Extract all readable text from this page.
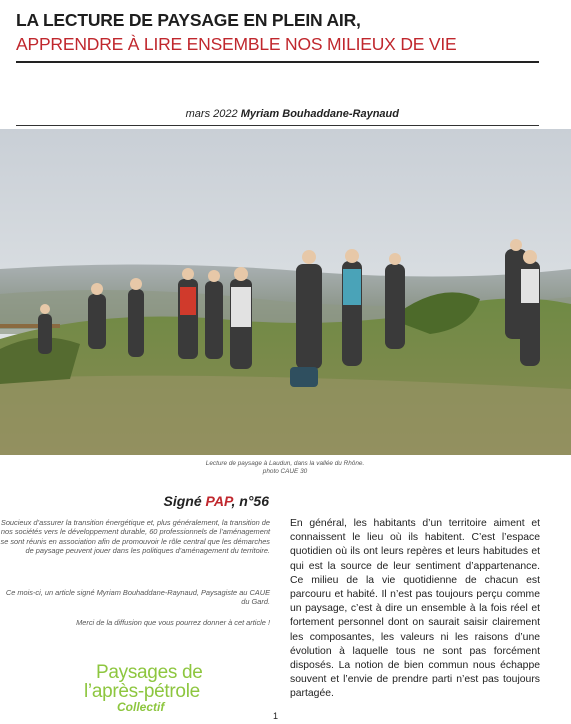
LA LECTURE DE PAYSAGE EN PLEIN AIR,
APPRENDRE À LIRE ENSEMBLE NOS MILIEUX DE VIE
mars 2022 Myriam Bouhaddane-Raynaud
Lecture de paysage à Laudun, dans la vallée du Rhône.
photo CAUE 30
Signé PAP, n°56
Soucieux d’assurer la transition énergétique et, plus généralement, la transition de nos sociétés vers le développement durable, 60 professionnels de l’aménagement se sont réunis en association afin de promouvoir le rôle central que les démarches de paysage peuvent jouer dans les politiques d’aménagement du territoire.
Ce mois-ci, un article signé Myriam Bouhaddane-Raynaud, Paysagiste au CAUE du Gard.
Merci de la diffusion que vous pourrez donner à cet article !
Paysages de
l’après-pétrole
Collectif
En général, les habitants d’un territoire aiment et connaissent le lieu où ils habitent. C’est l’espace quotidien où ils ont leurs repères et leurs habitudes et qui est la source de leur sentiment d’appartenance. Ce milieu de la vie quotidienne de chacun est parcouru et habité. Il n’est pas toujours perçu comme un paysage, c’est à dire un ensemble à la fois réel et fortement personnel dont on saurait saisir clairement les composantes, les valeurs ni les raisons d’une évolution à laquelle tous ne sont pas forcément disposés. La notion de bien commun nous échappe souvent et l’envie de prendre parti n’est pas toujours partagée.
1
